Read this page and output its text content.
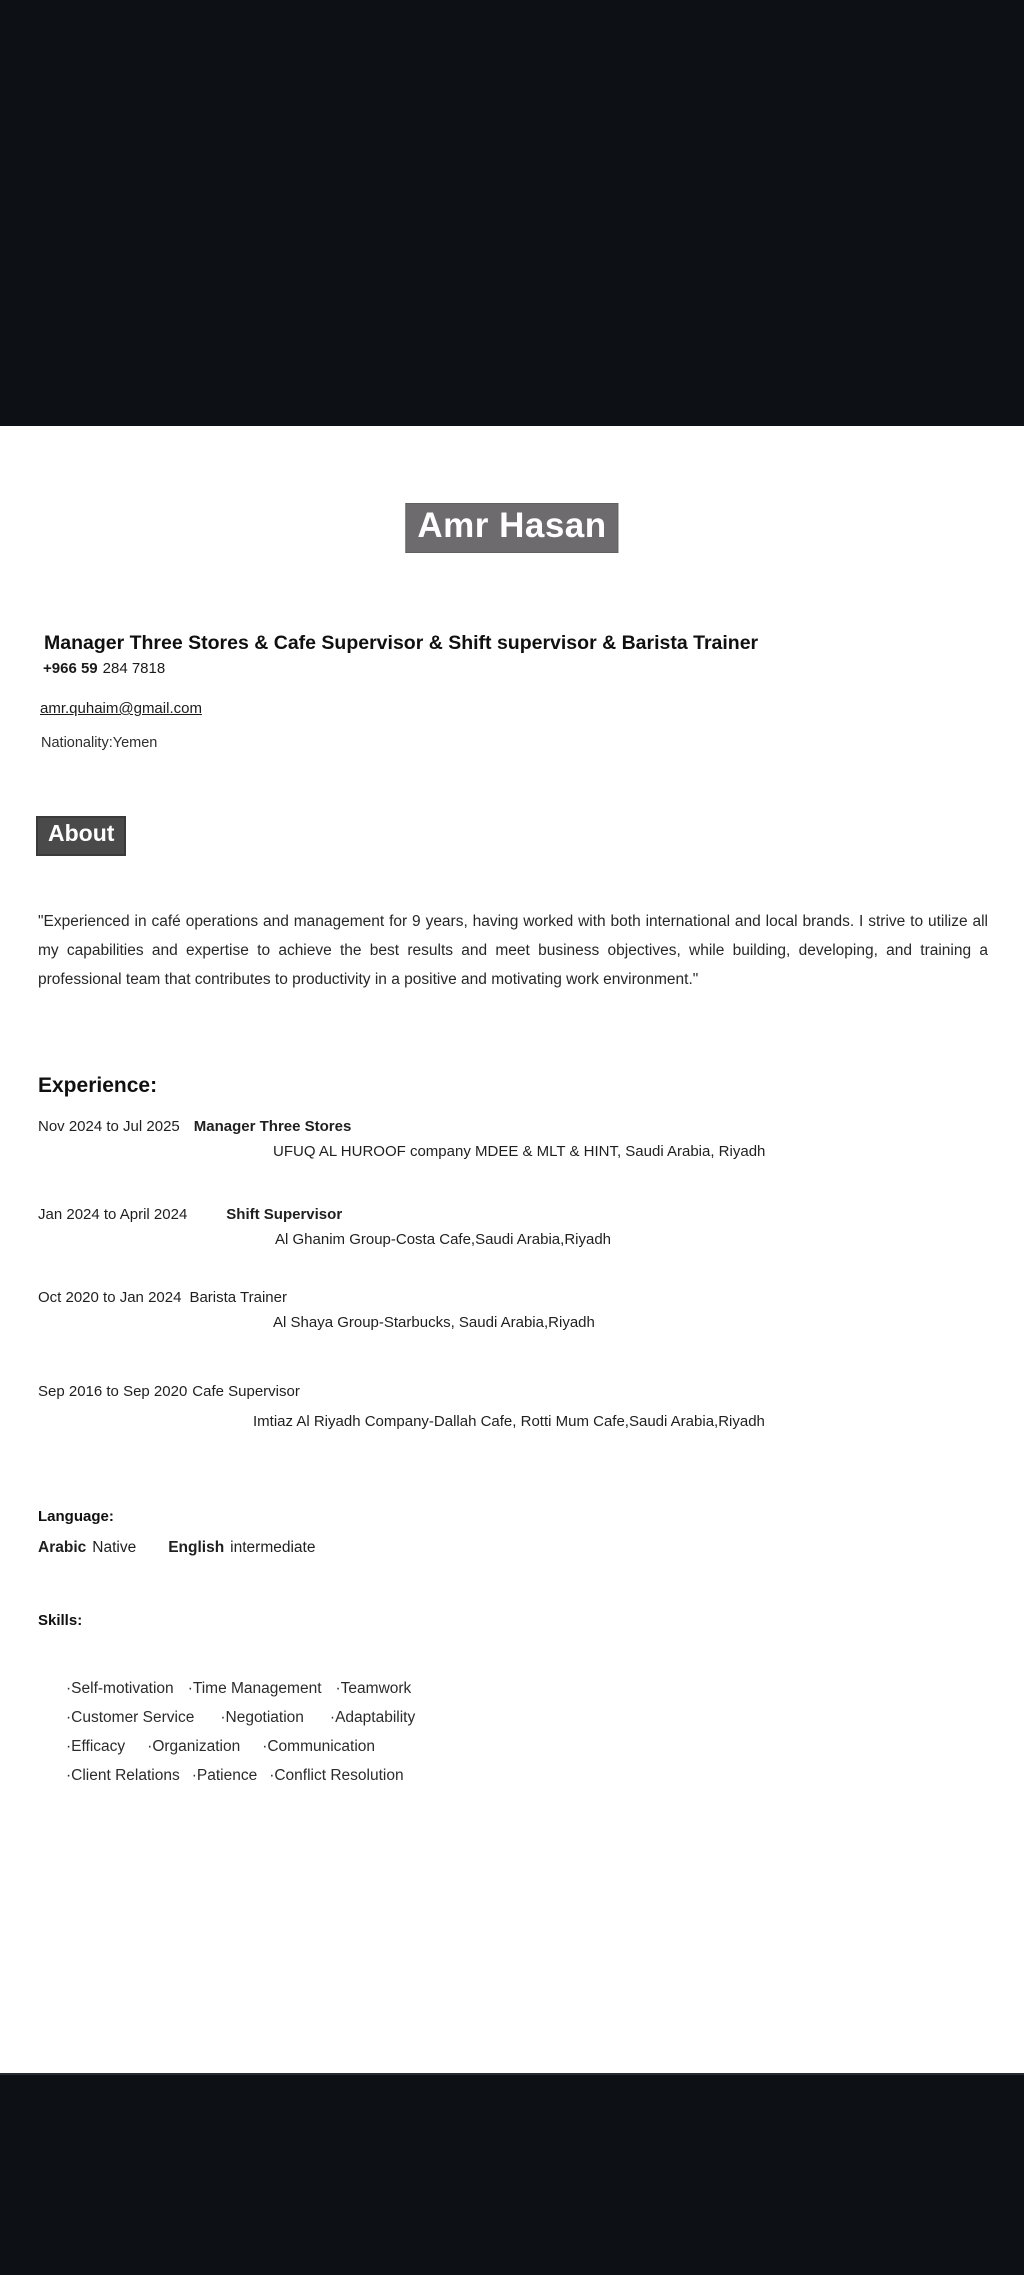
Amr Hasan
Manager Three Stores & Cafe Supervisor & Shift supervisor & Barista Trainer
+966 59 284 7818
amr.quhaim@gmail.com
Nationality:Yemen
About
"Experienced in café operations and management for 9 years, having worked with both international and local brands. I strive to utilize all my capabilities and expertise to achieve the best results and meet business objectives, while building, developing, and training a professional team that contributes to productivity in a positive and motivating work environment."
Experience:
Nov 2024 to Jul 2025 Manager Three Stores
UFUQ AL HUROOF company MDEE & MLT & HINT, Saudi Arabia, Riyadh
Jan 2024 to April 2024	Shift Supervisor
Al Ghanim Group-Costa Cafe,Saudi Arabia,Riyadh
Oct 2020 to Jan 2024 Barista Trainer
Al Shaya Group-Starbucks, Saudi Arabia,Riyadh
Sep 2016 to Sep 2020 Cafe Supervisor
Imtiaz Al Riyadh Company-Dallah Cafe, Rotti Mum Cafe,Saudi Arabia,Riyadh
Language:
Arabic Native English intermediate
Skills:
·Self-motivation ·Time Management ·Teamwork
·Customer Service ·Negotiation ·Adaptability
·Efficacy ·Organization ·Communication
·Client Relations ·Patience ·Conflict Resolution
